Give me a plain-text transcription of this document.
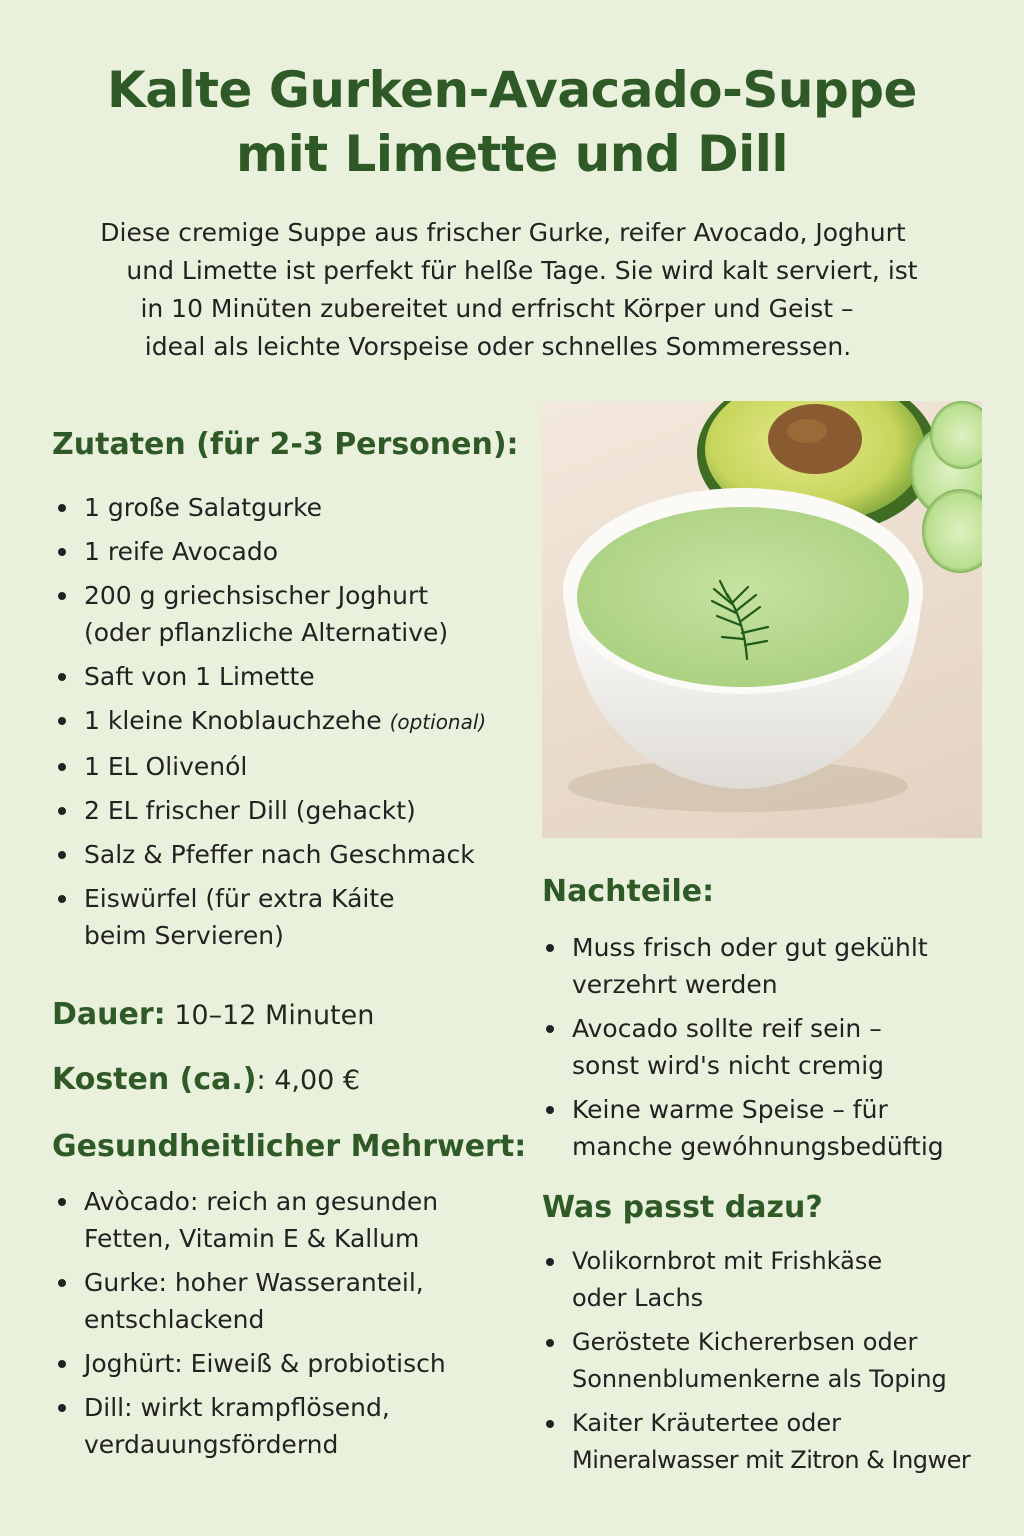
Kalte Gurken-Avacado-Suppe
mit Limette und Dill
Diese cremige Suppe aus frischer Gurke, reifer Avocado, Joghurt
und Limette ist perfekt für helße Tage. Sie wird kalt serviert, ist
in 10 Minüten zubereitet und erfrischt Körper und Geist –
ideal als leichte Vorspeise oder schnelles Sommeressen.
Zutaten (für 2-3 Personen):
1 große Salatgurke
1 reife Avocado
200 g griechsischer Joghurt
(oder pflanzliche Alternative)
Saft von 1 Limette
1 kleine Knoblauchzehe (optional)
1 EL Olivenól
2 EL frischer Dill (gehackt)
Salz & Pfeffer nach Geschmack
Eiswürfel (für extra Káite
beim Servieren)
Dauer: 10–12 Minuten
Kosten (ca.): 4,00 €
Gesundheitlicher Mehrwert:
Avòcado: reich an gesunden
Fetten, Vitamin E & Kallum
Gurke: hoher Wasseranteil,
entschlackend
Joghürt: Eiweiß & probiotisch
Dill: wirkt krampflösend,
verdauungsfördernd
Nachteile:
Muss frisch oder gut gekühlt
verzehrt werden
Avocado sollte reif sein –
sonst wird's nicht cremig
Keine warme Speise – für
manche gewóhnungsbedüftig
Was passt dazu?
Volikornbrot mit Frishkäse
oder Lachs
Geröstete Kichererbsen oder
Sonnenblumenkerne als Toping
Kaiter Kräutertee oder
Mineralwasser mit Zitron & Ingwer
